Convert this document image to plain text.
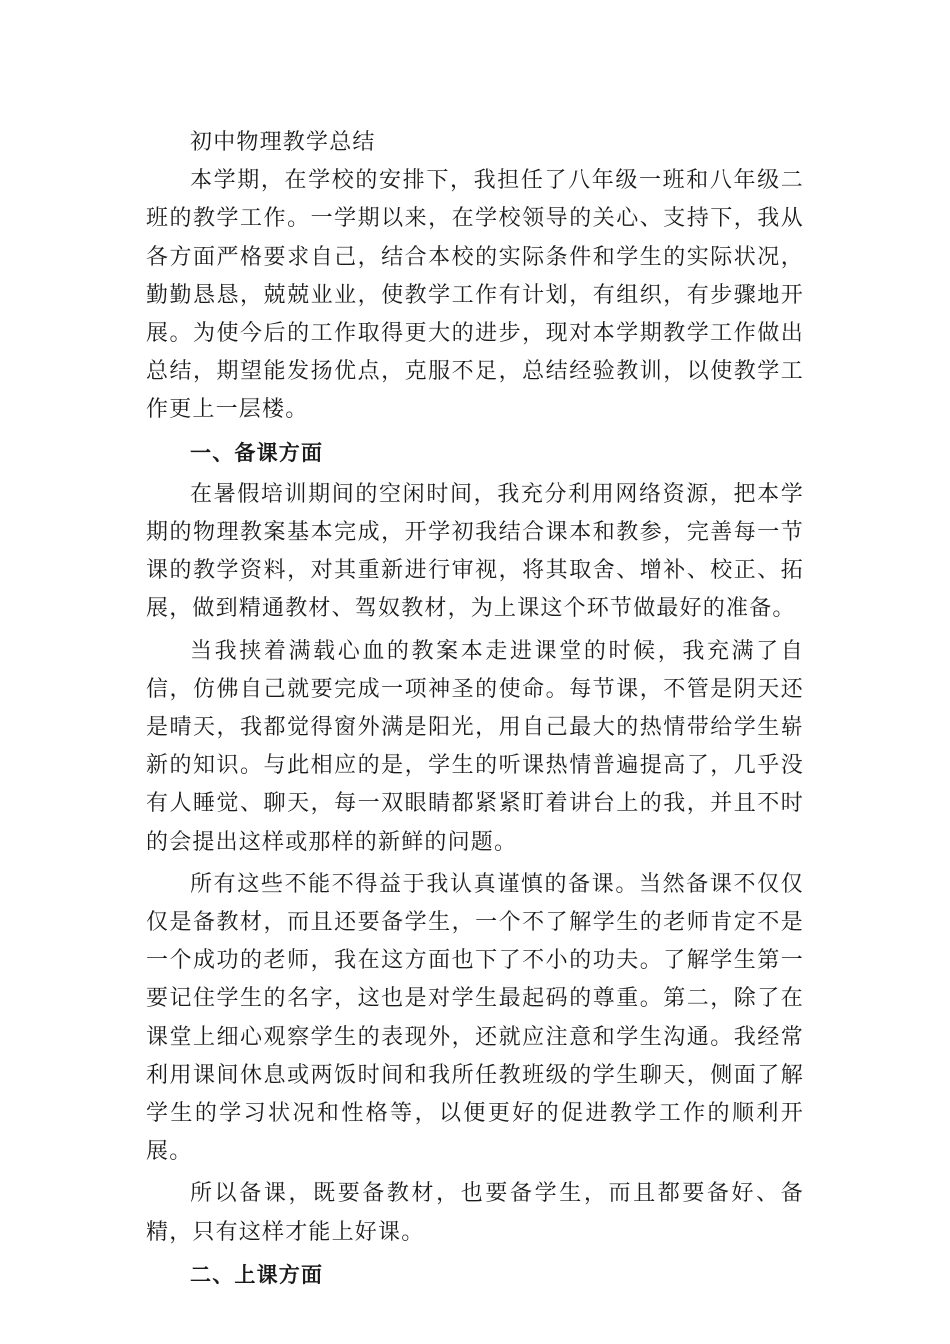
初中物理教学总结

本学期，在学校的安排下，我担任了八年级一班和八年级二班的教学工作。一学期以来，在学校领导的关心、支持下，我从各方面严格要求自己，结合本校的实际条件和学生的实际状况，勤勤恳恳，兢兢业业，使教学工作有计划，有组织，有步骤地开展。为使今后的工作取得更大的进步，现对本学期教学工作做出总结，期望能发扬优点，克服不足，总结经验教训，以使教学工作更上一层楼。

一、备课方面

在暑假培训期间的空闲时间，我充分利用网络资源，把本学期的物理教案基本完成，开学初我结合课本和教参，完善每一节课的教学资料，对其重新进行审视，将其取舍、增补、校正、拓展，做到精通教材、驾奴教材，为上课这个环节做最好的准备。

当我挟着满载心血的教案本走进课堂的时候，我充满了自信，仿佛自己就要完成一项神圣的使命。每节课，不管是阴天还是晴天，我都觉得窗外满是阳光，用自己最大的热情带给学生崭新的知识。与此相应的是，学生的听课热情普遍提高了，几乎没有人睡觉、聊天，每一双眼睛都紧紧盯着讲台上的我，并且不时的会提出这样或那样的新鲜的问题。

所有这些不能不得益于我认真谨慎的备课。当然备课不仅仅仅是备教材，而且还要备学生，一个不了解学生的老师肯定不是一个成功的老师，我在这方面也下了不小的功夫。了解学生第一要记住学生的名字，这也是对学生最起码的尊重。第二，除了在课堂上细心观察学生的表现外，还就应注意和学生沟通。我经常利用课间休息或两饭时间和我所任教班级的学生聊天，侧面了解学生的学习状况和性格等，以便更好的促进教学工作的顺利开展。

所以备课，既要备教材，也要备学生，而且都要备好、备精，只有这样才能上好课。

二、上课方面
